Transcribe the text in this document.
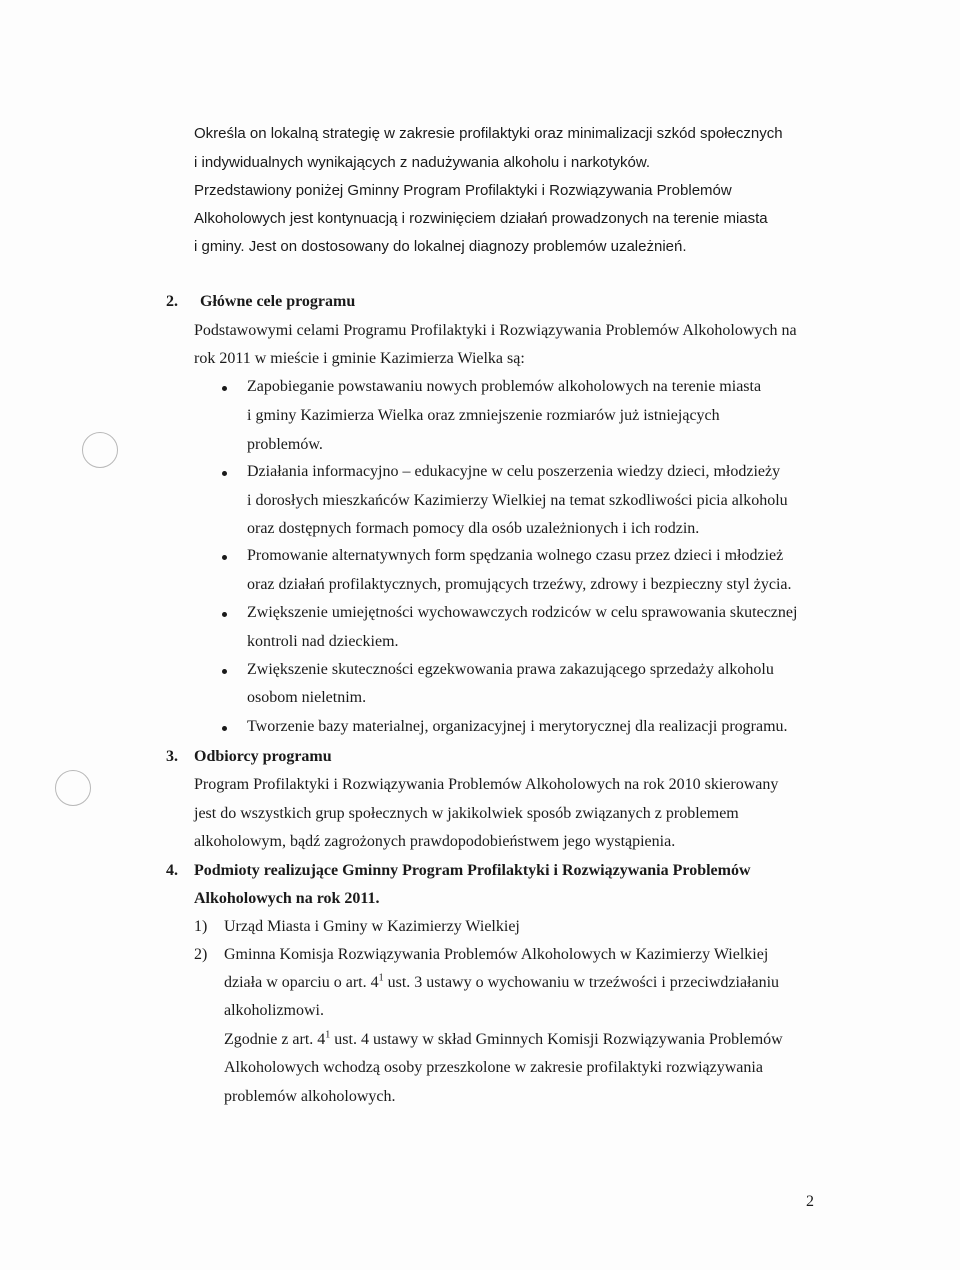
Określa on lokalną strategię w zakresie profilaktyki oraz minimalizacji szkód społecznych
i indywidualnych wynikających z nadużywania alkoholu i narkotyków.
Przedstawiony poniżej Gminny Program Profilaktyki i Rozwiązywania Problemów
Alkoholowych jest kontynuacją i rozwinięciem działań prowadzonych na terenie miasta
i gminy. Jest on dostosowany do lokalnej diagnozy problemów uzależnień.
2. Główne cele programu
Podstawowymi celami Programu Profilaktyki i Rozwiązywania Problemów Alkoholowych na
rok 2011 w mieście i gminie Kazimierza Wielka są:
Zapobieganie powstawaniu nowych problemów alkoholowych na terenie miasta
i gminy Kazimierza Wielka oraz zmniejszenie rozmiarów już istniejących
problemów.
Działania informacyjno – edukacyjne w celu poszerzenia wiedzy dzieci, młodzieży
i dorosłych mieszkańców Kazimierzy Wielkiej na temat szkodliwości picia alkoholu
oraz dostępnych formach pomocy dla osób uzależnionych i ich rodzin.
Promowanie alternatywnych form spędzania wolnego czasu przez dzieci i młodzież
oraz działań profilaktycznych, promujących trzeźwy, zdrowy i bezpieczny styl życia.
Zwiększenie umiejętności wychowawczych rodziców w celu sprawowania skutecznej
kontroli nad dzieckiem.
Zwiększenie skuteczności egzekwowania prawa zakazującego sprzedaży alkoholu
osobom nieletnim.
Tworzenie bazy materialnej, organizacyjnej i merytorycznej dla realizacji programu.
3. Odbiorcy programu
Program Profilaktyki i Rozwiązywania Problemów Alkoholowych na rok 2010 skierowany
jest do wszystkich grup społecznych w jakikolwiek sposób związanych z problemem
alkoholowym, bądź zagrożonych prawdopodobieństwem jego wystąpienia.
4. Podmioty realizujące Gminny Program Profilaktyki i Rozwiązywania Problemów
Alkoholowych na rok 2011.
1) Urząd Miasta i Gminy w Kazimierzy Wielkiej
2) Gminna Komisja Rozwiązywania Problemów Alkoholowych w Kazimierzy Wielkiej
działa w oparciu o art. $4^1$ ust. 3 ustawy o wychowaniu w trzeźwości i przeciwdziałaniu
alkoholizmowi.
Zgodnie z art. $4^1$ ust. 4 ustawy w skład Gminnych Komisji Rozwiązywania Problemów
Alkoholowych wchodzą osoby przeszkolone w zakresie profilaktyki rozwiązywania
problemów alkoholowych.
2
